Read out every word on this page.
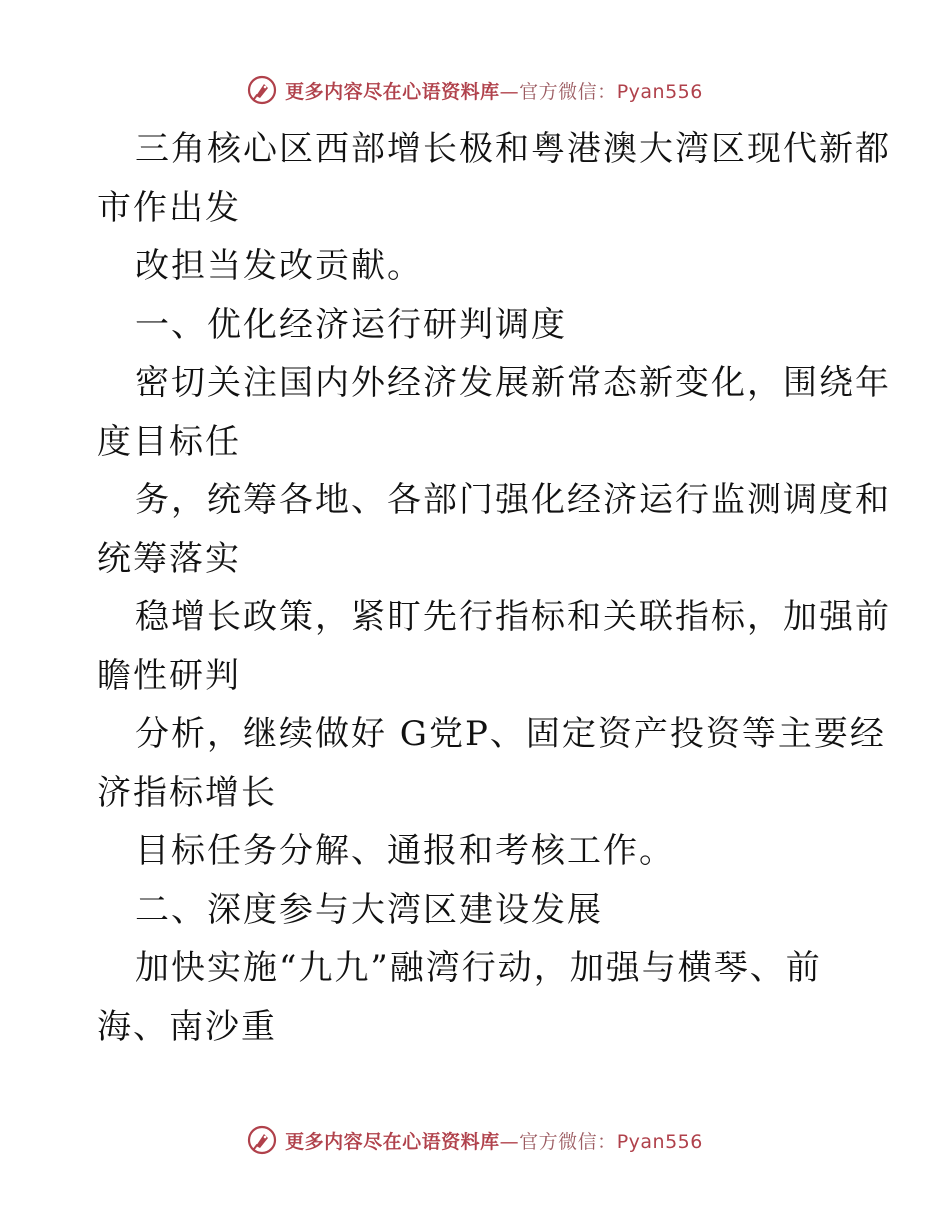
更多内容尽在心语资料库—官方微信：Pyan556
三角核心区西部增长极和粤港澳大湾区现代新都
市作出发
改担当发改贡献。
一、优化经济运行研判调度
密切关注国内外经济发展新常态新变化，围绕年
度目标任
务，统筹各地、各部门强化经济运行监测调度和
统筹落实
稳增长政策，紧盯先行指标和关联指标，加强前
瞻性研判
分析，继续做好 G党P、固定资产投资等主要经
济指标增长
目标任务分解、通报和考核工作。
二、深度参与大湾区建设发展
加快实施“九九”融湾行动，加强与横琴、前
海、南沙重
更多内容尽在心语资料库—官方微信：Pyan556
